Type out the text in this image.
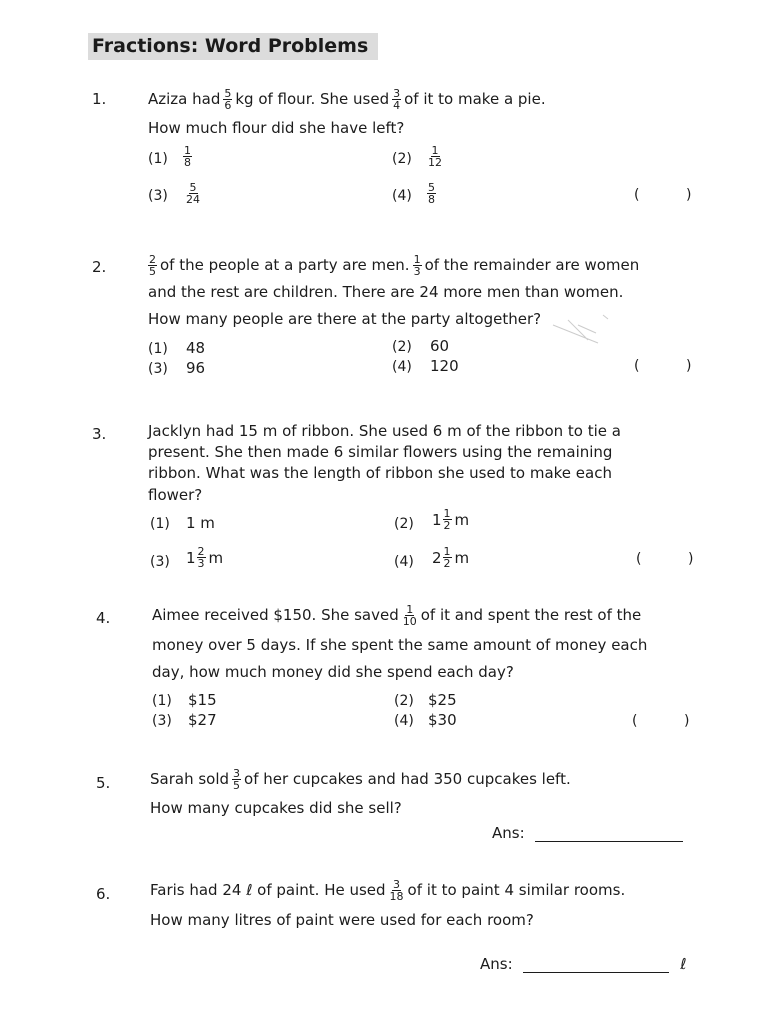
Fractions: Word Problems
1.	Aziza had $\frac{5}{6}$ kg of flour. She used $\frac{3}{4}$ of it to make a pie.
How much flour did she have left?
$(1) \frac{1}{8}$	$(2) \frac{1}{12}$
$(3) \frac{5}{24}$	$(4) \frac{5}{8}$	(	)
2.	$\frac{2}{5}$ of the people at a party are men. $\frac{1}{3}$ of the remainder are women
and the rest are children. There are 24 more men than women.
How many people are there at the party altogether?
(1) 48	(2) 60
(3) 96	(4) 120	(	)
3.	Jacklyn had 15 m of ribbon. She used 6 m of the ribbon to tie a
present. She then made 6 similar flowers using the remaining
ribbon. What was the length of ribbon she used to make each
flower?
(1) 1 m	(2) $1 \frac{1}{2}$ m
(3) $1 \frac{2}{3}$ m	(4) $2 \frac{1}{2}$ m	(	)
4.	Aimee received $150. She saved $\frac{1}{10}$ of it and spent the rest of the
money over 5 days. If she spent the same amount of money each
day, how much money did she spend each day?
(1) $15	(2) $25
(3) $27	(4) $30	(	)
5.	Sarah sold $\frac{3}{5}$ of her cupcakes and had 350 cupcakes left.
How many cupcakes did she sell?
Ans:
6.	Faris had 24 ℓ of paint. He used $\frac{3}{18}$ of it to paint 4 similar rooms.
How many litres of paint were used for each room?
Ans:	ℓ
